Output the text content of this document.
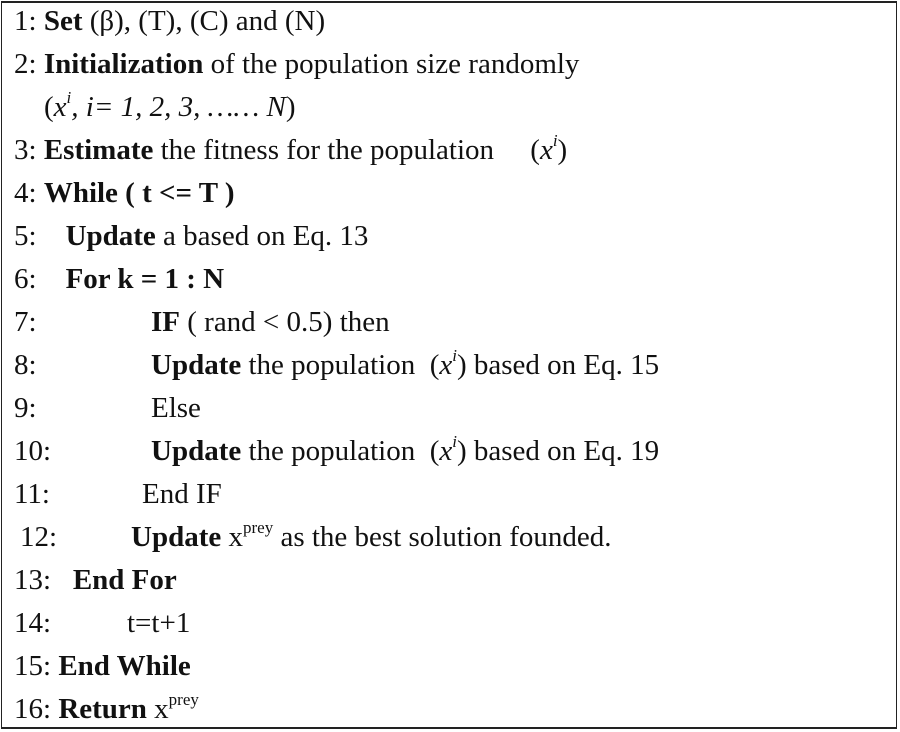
1: Set (β), (T), (C) and (N)
2: Initialization of the population size randomly
($x^i$, i= 1, 2, 3, …… N)
3: Estimate the fitness for the population     $(x^i)$
4: While ( t <= T )
5:    Update a based on Eq. 13
6:    For k = 1 : N
7:
8:
9:
10:
11:
12:
13:   End For
14:
15: End While
16: Return $x^{prey}$
IF ( rand < 0.5) then
Update the population  $(x^i)$ based on Eq. 15
Else
Update the population  $(x^i)$ based on Eq. 19
End IF
Update $x^{prey}$ as the best solution founded.
t=t+1
